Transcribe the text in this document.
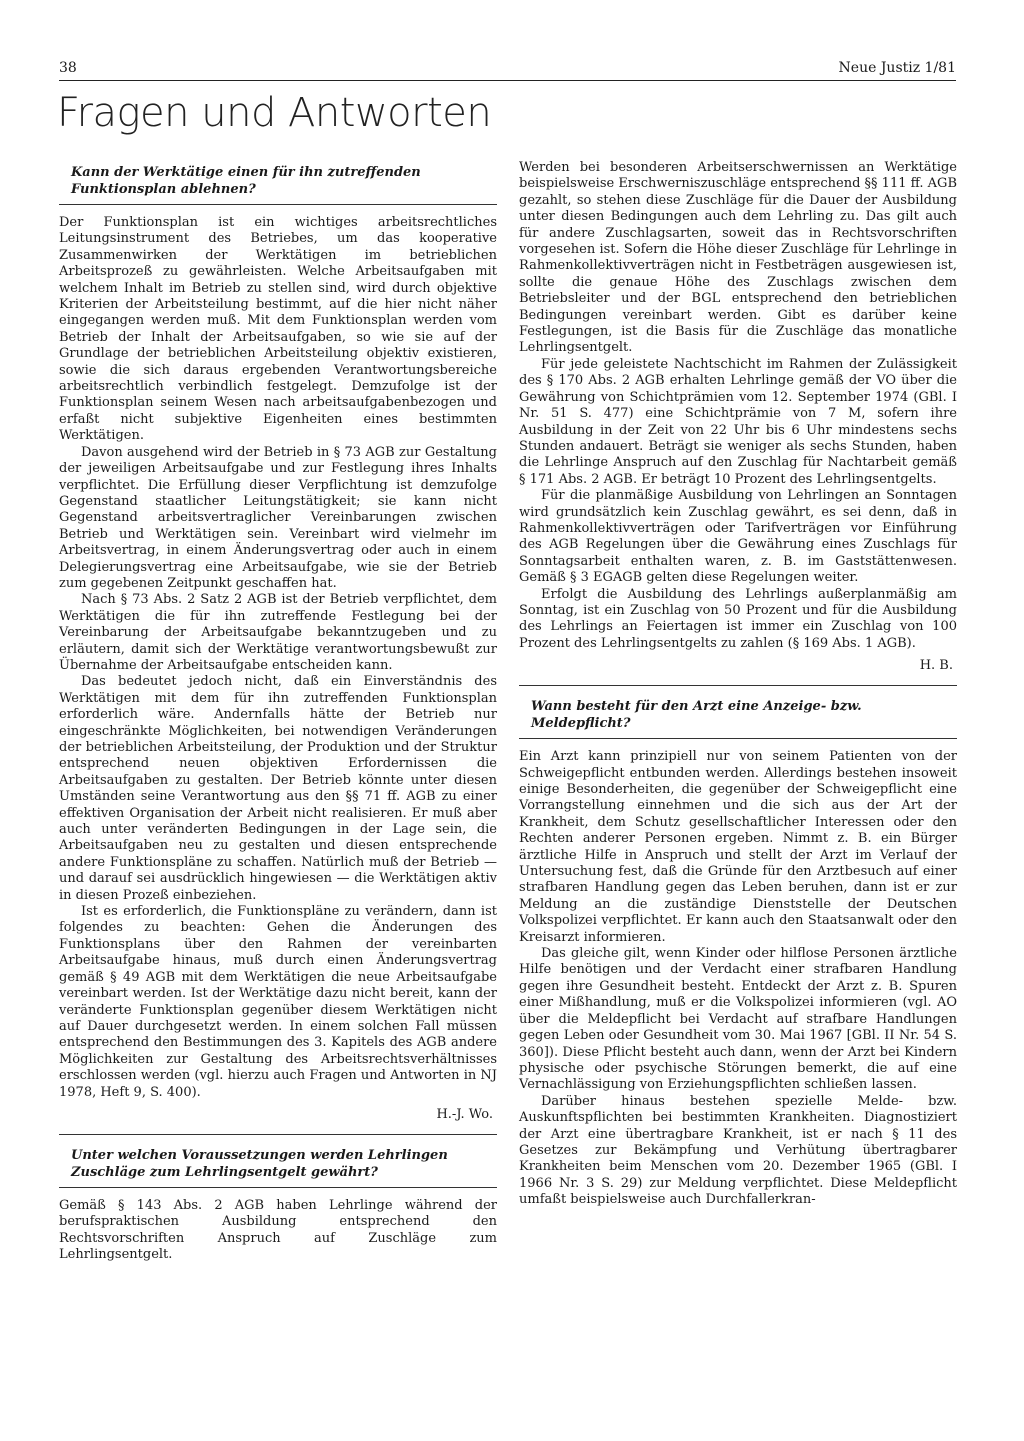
38	Neue Justiz 1/81
Fragen und Antworten
Kann der Werktätige einen für ihn zutreffenden Funktionsplan ablehnen?

Der Funktionsplan ist ein wichtiges arbeitsrechtliches Leitungsinstrument des Betriebes, um das kooperative Zusammenwirken der Werktätigen im betrieblichen Arbeitsprozeß zu gewährleisten. Welche Arbeitsaufgaben mit welchem Inhalt im Betrieb zu stellen sind, wird durch objektive Kriterien der Arbeitsteilung bestimmt, auf die hier nicht näher eingegangen werden muß. Mit dem Funktionsplan werden vom Betrieb der Inhalt der Arbeitsaufgaben, so wie sie auf der Grundlage der betrieblichen Arbeitsteilung objektiv existieren, sowie die sich daraus ergebenden Verantwortungsbereiche arbeitsrechtlich verbindlich festgelegt. Demzufolge ist der Funktionsplan seinem Wesen nach arbeitsaufgabenbezogen und erfaßt nicht subjektive Eigenheiten eines bestimmten Werktätigen.

Davon ausgehend wird der Betrieb in § 73 AGB zur Gestaltung der jeweiligen Arbeitsaufgabe und zur Festlegung ihres Inhalts verpflichtet. Die Erfüllung dieser Verpflichtung ist demzufolge Gegenstand staatlicher Leitungstätigkeit; sie kann nicht Gegenstand arbeitsvertraglicher Vereinbarungen zwischen Betrieb und Werktätigen sein. Vereinbart wird vielmehr im Arbeitsvertrag, in einem Änderungsvertrag oder auch in einem Delegierungsvertrag eine Arbeitsaufgabe, wie sie der Betrieb zum gegebenen Zeitpunkt geschaffen hat.

Nach § 73 Abs. 2 Satz 2 AGB ist der Betrieb verpflichtet, dem Werktätigen die für ihn zutreffende Festlegung bei der Vereinbarung der Arbeitsaufgabe bekanntzugeben und zu erläutern, damit sich der Werktätige verantwortungsbewußt zur Übernahme der Arbeitsaufgabe entscheiden kann.

Das bedeutet jedoch nicht, daß ein Einverständnis des Werktätigen mit dem für ihn zutreffenden Funktionsplan erforderlich wäre. Andernfalls hätte der Betrieb nur eingeschränkte Möglichkeiten, bei notwendigen Veränderungen der betrieblichen Arbeitsteilung, der Produktion und der Struktur entsprechend neuen objektiven Erfordernissen die Arbeitsaufgaben zu gestalten. Der Betrieb könnte unter diesen Umständen seine Verantwortung aus den §§ 71 ff. AGB zu einer effektiven Organisation der Arbeit nicht realisieren. Er muß aber auch unter veränderten Bedingungen in der Lage sein, die Arbeitsaufgaben neu zu gestalten und diesen entsprechende andere Funktionspläne zu schaffen. Natürlich muß der Betrieb — und darauf sei ausdrücklich hingewiesen — die Werktätigen aktiv in diesen Prozeß einbeziehen.

Ist es erforderlich, die Funktionspläne zu verändern, dann ist folgendes zu beachten: Gehen die Änderungen des Funktionsplans über den Rahmen der vereinbarten Arbeitsaufgabe hinaus, muß durch einen Änderungsvertrag gemäß § 49 AGB mit dem Werktätigen die neue Arbeitsaufgabe vereinbart werden. Ist der Werktätige dazu nicht bereit, kann der veränderte Funktionsplan gegenüber diesem Werktätigen nicht auf Dauer durchgesetzt werden. In einem solchen Fall müssen entsprechend den Bestimmungen des 3. Kapitels des AGB andere Möglichkeiten zur Gestaltung des Arbeitsrechtsverhältnisses erschlossen werden (vgl. hierzu auch Fragen und Antworten in NJ 1978, Heft 9, S. 400).

H.-J. Wo.
Unter welchen Voraussetzungen werden Lehrlingen Zuschläge zum Lehrlingsentgelt gewährt?

Gemäß § 143 Abs. 2 AGB haben Lehrlinge während der berufspraktischen Ausbildung entsprechend den Rechtsvorschriften Anspruch auf Zuschläge zum Lehrlingsentgelt.

Werden bei besonderen Arbeitserschwernissen an Werktätige beispielsweise Erschwerniszuschläge entsprechend §§ 111 ff. AGB gezahlt, so stehen diese Zuschläge für die Dauer der Ausbildung unter diesen Bedingungen auch dem Lehrling zu. Das gilt auch für andere Zuschlagsarten, soweit das in Rechtsvorschriften vorgesehen ist. Sofern die Höhe dieser Zuschläge für Lehrlinge in Rahmenkollektivverträgen nicht in Festbeträgen ausgewiesen ist, sollte die genaue Höhe des Zuschlags zwischen dem Betriebsleiter und der BGL entsprechend den betrieblichen Bedingungen vereinbart werden. Gibt es darüber keine Festlegungen, ist die Basis für die Zuschläge das monatliche Lehrlingsentgelt.

Für jede geleistete Nachtschicht im Rahmen der Zulässigkeit des § 170 Abs. 2 AGB erhalten Lehrlinge gemäß der VO über die Gewährung von Schichtprämien vom 12. September 1974 (GBl. I Nr. 51 S. 477) eine Schichtprämie von 7 M, sofern ihre Ausbildung in der Zeit von 22 Uhr bis 6 Uhr mindestens sechs Stunden andauert. Beträgt sie weniger als sechs Stunden, haben die Lehrlinge Anspruch auf den Zuschlag für Nachtarbeit gemäß § 171 Abs. 2 AGB. Er beträgt 10 Prozent des Lehrlingsentgelts.

Für die planmäßige Ausbildung von Lehrlingen an Sonntagen wird grundsätzlich kein Zuschlag gewährt, es sei denn, daß in Rahmenkollektivverträgen oder Tarifverträgen vor Einführung des AGB Regelungen über die Gewährung eines Zuschlags für Sonntagsarbeit enthalten waren, z. B. im Gaststättenwesen. Gemäß § 3 EGAGB gelten diese Regelungen weiter.

Erfolgt die Ausbildung des Lehrlings außerplanmäßig am Sonntag, ist ein Zuschlag von 50 Prozent und für die Ausbildung des Lehrlings an Feiertagen ist immer ein Zuschlag von 100 Prozent des Lehrlingsentgelts zu zahlen (§ 169 Abs. 1 AGB).

H. B.
Wann besteht für den Arzt eine Anzeige- bzw. Meldepflicht?

Ein Arzt kann prinzipiell nur von seinem Patienten von der Schweigepflicht entbunden werden. Allerdings bestehen insoweit einige Besonderheiten, die gegenüber der Schweigepflicht eine Vorrangstellung einnehmen und die sich aus der Art der Krankheit, dem Schutz gesellschaftlicher Interessen oder den Rechten anderer Personen ergeben. Nimmt z. B. ein Bürger ärztliche Hilfe in Anspruch und stellt der Arzt im Verlauf der Untersuchung fest, daß die Gründe für den Arztbesuch auf einer strafbaren Handlung gegen das Leben beruhen, dann ist er zur Meldung an die zuständige Dienststelle der Deutschen Volkspolizei verpflichtet. Er kann auch den Staatsanwalt oder den Kreisarzt informieren.

Das gleiche gilt, wenn Kinder oder hilflose Personen ärztliche Hilfe benötigen und der Verdacht einer strafbaren Handlung gegen ihre Gesundheit besteht. Entdeckt der Arzt z. B. Spuren einer Mißhandlung, muß er die Volkspolizei informieren (vgl. AO über die Meldepflicht bei Verdacht auf strafbare Handlungen gegen Leben oder Gesundheit vom 30. Mai 1967 [GBl. II Nr. 54 S. 360]). Diese Pflicht besteht auch dann, wenn der Arzt bei Kindern physische oder psychische Störungen bemerkt, die auf eine Vernachlässigung von Erziehungspflichten schließen lassen.

Darüber hinaus bestehen spezielle Melde- bzw. Auskunftspflichten bei bestimmten Krankheiten. Diagnostiziert der Arzt eine übertragbare Krankheit, ist er nach § 11 des Gesetzes zur Bekämpfung und Verhütung übertragbarer Krankheiten beim Menschen vom 20. Dezember 1965 (GBl. I 1966 Nr. 3 S. 29) zur Meldung verpflichtet. Diese Meldepflicht umfaßt beispielsweise auch Durchfallerkran-
